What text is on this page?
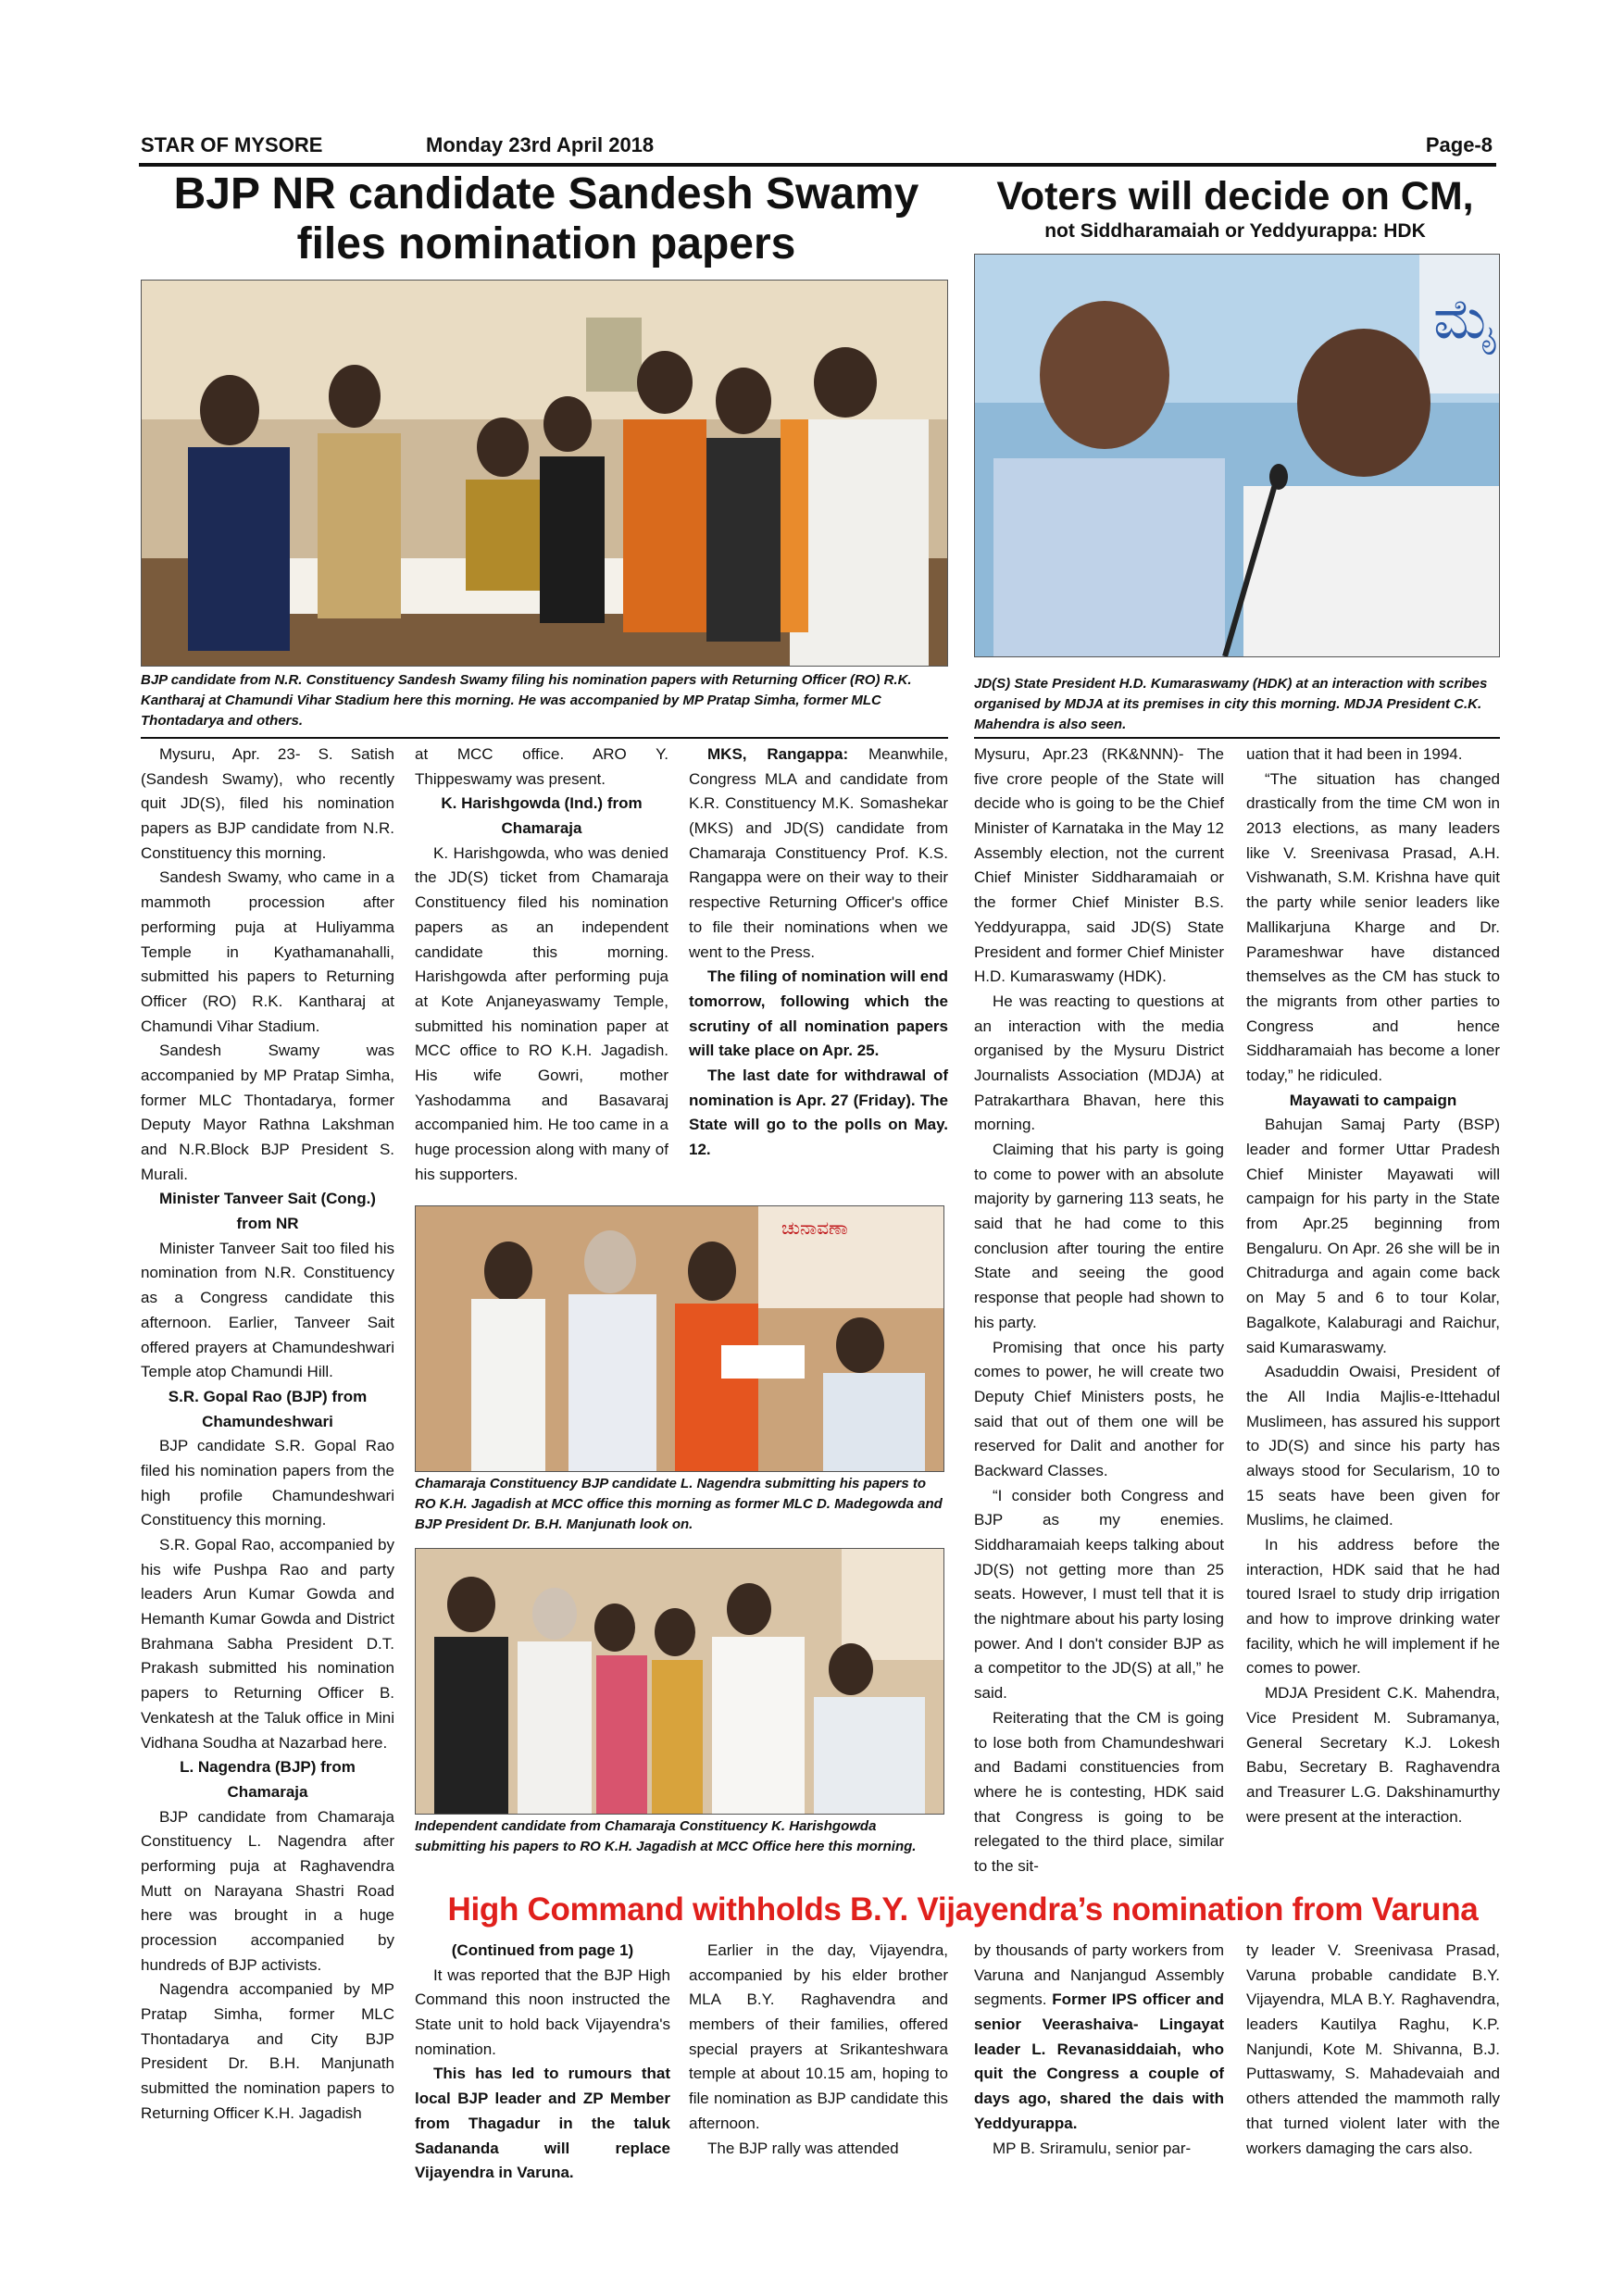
STAR OF MYSORE	Monday 23rd April 2018	Page-8
BJP NR candidate Sandesh Swamy
files nomination papers
Voters will decide on CM,
not Siddharamaiah or Yeddyurappa: HDK
ಮೈ
BJP candidate from N.R. Constituency Sandesh Swamy filing his nomination papers with Returning Officer (RO) R.K. Kantharaj at Chamundi Vihar Stadium here this morning. He was accompanied by MP Pratap Simha, former MLC Thontadarya and others.
JD(S) State President H.D. Kumaraswamy (HDK) at an interaction with scribes organised by MDJA at its premises in city this morning. MDJA President C.K. Mahendra is also seen.

Mysuru, Apr. 23- S. Satish (Sandesh Swamy), who recently quit JD(S), filed his nomination papers as BJP candidate from N.R. Constituency this morning.

Sandesh Swamy, who came in a mammoth procession after performing puja at Huliyamma Temple in Kyathamanahalli, submitted his papers to Returning Officer (RO) R.K. Kantharaj at Chamundi Vihar Stadium.

Sandesh Swamy was accompanied by MP Pratap Simha, former MLC Thontadarya, former Deputy Mayor Rathna Lakshman and N.R.Block BJP President S. Murali.

Minister Tanveer Sait (Cong.) from NR

Minister Tanveer Sait too filed his nomination from N.R. Constituency as a Congress candidate this afternoon. Earlier, Tanveer Sait offered prayers at Chamundeshwari Temple atop Chamundi Hill.

S.R. Gopal Rao (BJP) from Chamundeshwari

BJP candidate S.R. Gopal Rao filed his nomination papers from the high profile Chamundeshwari Constituency this morning.

S.R. Gopal Rao, accompanied by his wife Pushpa Rao and party leaders Arun Kumar Gowda and Hemanth Kumar Gowda and District Brahmana Sabha President D.T. Prakash submitted his nomination papers to Returning Officer B. Venkatesh at the Taluk office in Mini Vidhana Soudha at Nazarbad here.

L. Nagendra (BJP) from Chamaraja

BJP candidate from Chamaraja Constituency L. Nagendra after performing puja at Raghavendra Mutt on Narayana Shastri Road here was brought in a huge procession accompanied by hundreds of BJP activists.

Nagendra accompanied by MP Pratap Simha, former MLC Thontadarya and City BJP President Dr. B.H. Manjunath submitted the nomination papers to Returning Officer K.H. Jagadish

at MCC office. ARO Y. Thippeswamy was present.

K. Harishgowda (Ind.) from Chamaraja

K. Harishgowda, who was denied the JD(S) ticket from Chamaraja Constituency filed his nomination papers as an independent candidate this morning. Harishgowda after performing puja at Kote Anjaneyaswamy Temple, submitted his nomination paper at MCC office to RO K.H. Jagadish. His wife Gowri, mother Yashodamma and Basavaraj accompanied him. He too came in a huge procession along with many of his supporters.

MKS, Rangappa: Meanwhile, Congress MLA and candidate from K.R. Constituency M.K. Somashekar (MKS) and JD(S) candidate from Chamaraja Constituency Prof. K.S. Rangappa were on their way to their respective Returning Officer's office to file their nominations when we went to the Press.

The filing of nomination will end tomorrow, following which the scrutiny of all nomination papers will take place on Apr. 25.

The last date for withdrawal of nomination is Apr. 27 (Friday). The State will go to the polls on May. 12.

ಚುನಾವಣಾ
Chamaraja Constituency BJP candidate L. Nagendra submitting his papers to RO K.H. Jagadish at MCC office this morning as former MLC D. Madegowda and BJP President Dr. B.H. Manjunath look on.
Independent candidate from Chamaraja Constituency K. Harishgowda submitting his papers to RO K.H. Jagadish at MCC Office here this morning.

Mysuru, Apr.23 (RK&NNN)- The five crore people of the State will decide who is going to be the Chief Minister of Karnataka in the May 12 Assembly election, not the current Chief Minister Siddharamaiah or the former Chief Minister B.S. Yeddyurappa, said JD(S) State President and former Chief Minister H.D. Kumaraswamy (HDK).

He was reacting to questions at an interaction with the media organised by the Mysuru District Journalists Association (MDJA) at Patrakarthara Bhavan, here this morning.

Claiming that his party is going to come to power with an absolute majority by garnering 113 seats, he said that he had come to this conclusion after touring the entire State and seeing the good response that people had shown to his party.

Promising that once his party comes to power, he will create two Deputy Chief Ministers posts, he said that out of them one will be reserved for Dalit and another for Backward Classes.

“I consider both Congress and BJP as my enemies. Siddharamaiah keeps talking about JD(S) not getting more than 25 seats. However, I must tell that it is the nightmare about his party losing power. And I don't consider BJP as a competitor to the JD(S) at all,” he said.

Reiterating that the CM is going to lose both from Chamundeshwari and Badami constituencies from where he is contesting, HDK said that Congress is going to be relegated to the third place, similar to the sit-

uation that it had been in 1994.

“The situation has changed drastically from the time CM won in 2013 elections, as many leaders like V. Sreenivasa Prasad, A.H. Vishwanath, S.M. Krishna have quit the party while senior leaders like Mallikarjuna Kharge and Dr. Parameshwar have distanced themselves as the CM has stuck to the migrants from other parties to Congress and hence Siddharamaiah has become a loner today,” he ridiculed.

Mayawati to campaign

Bahujan Samaj Party (BSP) leader and former Uttar Pradesh Chief Minister Mayawati will campaign for his party in the State from Apr.25 beginning from Bengaluru. On Apr. 26 she will be in Chitradurga and again come back on May 5 and 6 to tour Kolar, Bagalkote, Kalaburagi and Raichur, said Kumaraswamy.

Asaduddin Owaisi, President of the All India Majlis-e-Ittehadul Muslimeen, has assured his support to JD(S) and since his party has always stood for Secularism, 10 to 15 seats have been given for Muslims, he claimed.

In his address before the interaction, HDK said that he had toured Israel to study drip irrigation and how to improve drinking water facility, which he will implement if he comes to power.

MDJA President C.K. Mahendra, Vice President M. Subramanya, General Secretary K.J. Lokesh Babu, Secretary B. Raghavendra and Treasurer L.G. Dakshinamurthy were present at the interaction.

High Command withholds B.Y. Vijayendra’s nomination from Varuna
(Continued from page 1)

It was reported that the BJP High Command this noon instructed the State unit to hold back Vijayendra's nomination.

This has led to rumours that local BJP leader and ZP Member from Thagadur in the taluk Sadananda will replace Vijayendra in Varuna.

Earlier in the day, Vijayendra, accompanied by his elder brother MLA B.Y. Raghavendra and members of their families, offered special prayers at Srikanteshwara temple at about 10.15 am, hoping to file nomination as BJP candidate this afternoon.

The BJP rally was attended

by thousands of party workers from Varuna and Nanjangud Assembly segments. Former IPS officer and senior Veerashaiva- Lingayat leader L. Revanasiddaiah, who quit the Congress a couple of days ago, shared the dais with Yeddyurappa.

MP B. Sriramulu, senior par-

ty leader V. Sreenivasa Prasad, Varuna probable candidate B.Y. Vijayendra, MLA B.Y. Raghavendra, leaders Kautilya Raghu, K.P. Nanjundi, Kote M. Shivanna, B.J. Puttaswamy, S. Mahadevaiah and others attended the mammoth rally that turned violent later with the workers damaging the cars also.
